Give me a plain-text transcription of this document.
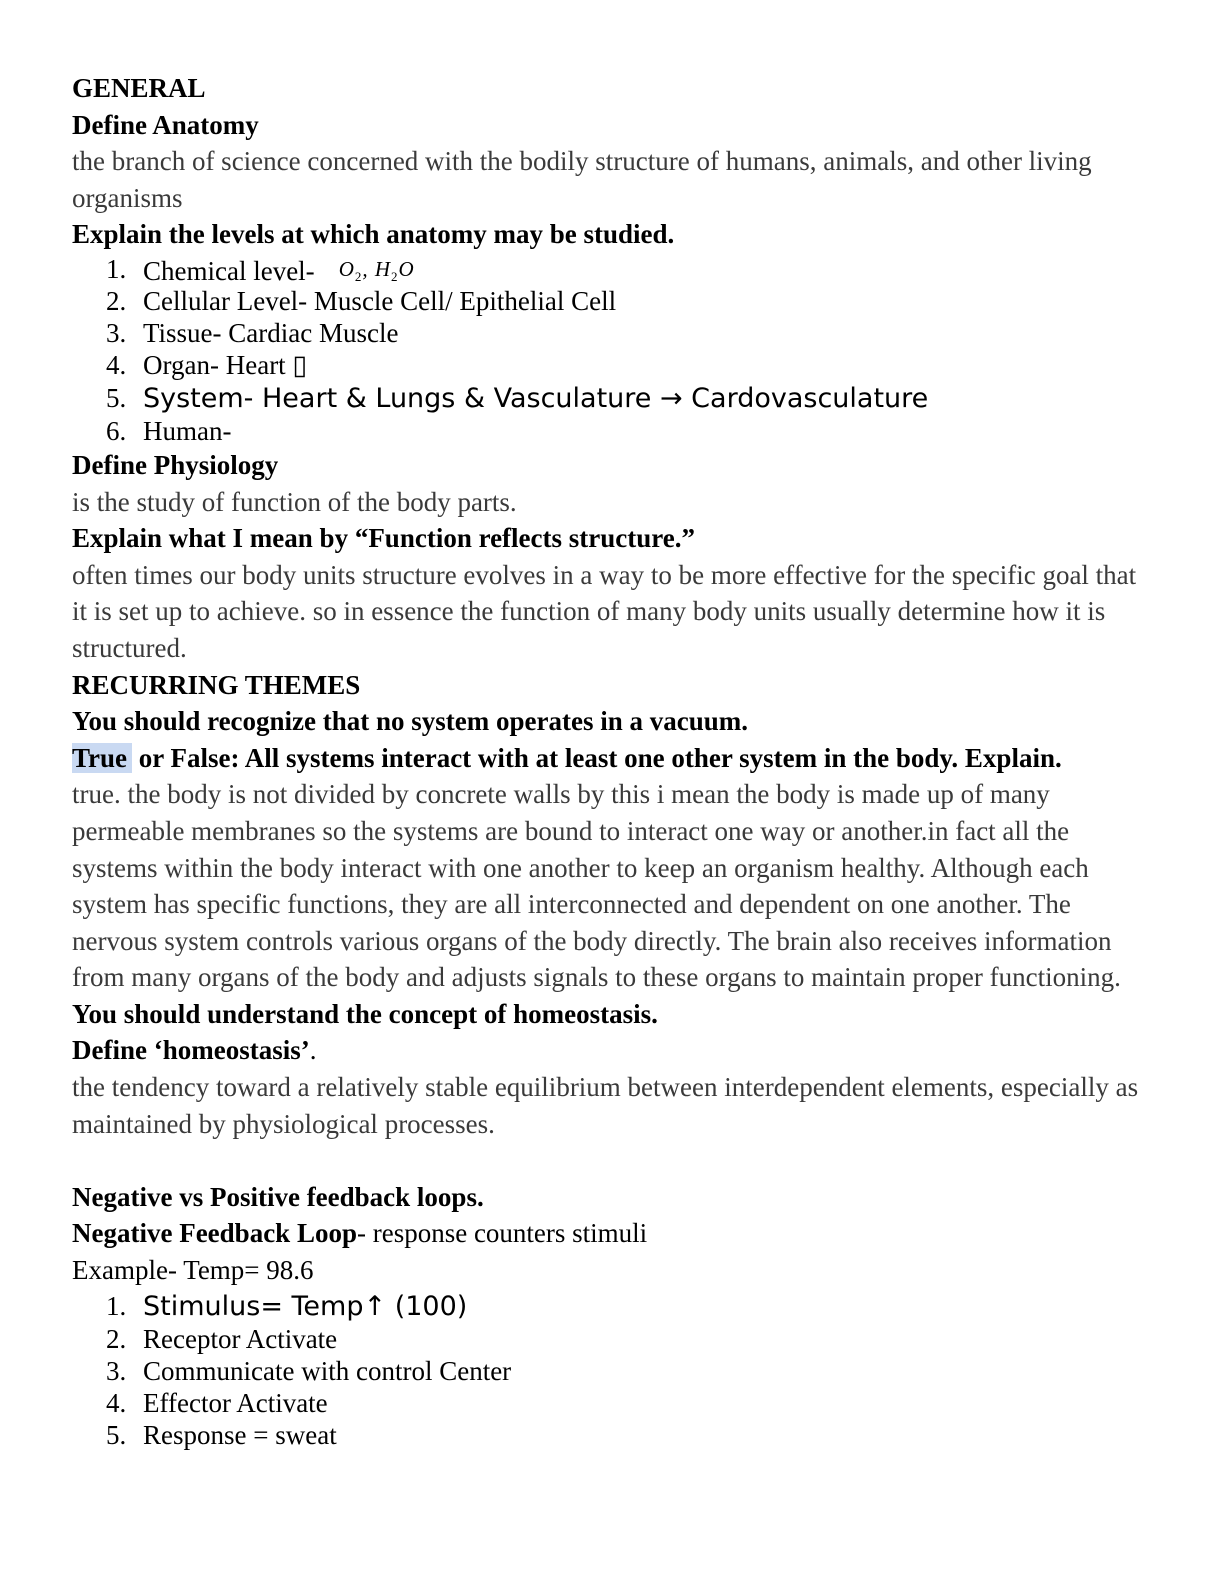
GENERAL

Define Anatomy

the branch of science concerned with the bodily structure of humans, animals, and other living organisms

Explain the levels at which anatomy may be studied.

1. Chemical level- $O_2$, $H_2O$
2. Cellular Level- Muscle Cell/ Epithelial Cell
3. Tissue- Cardiac Muscle
4. Organ- Heart ▯
5. System- Heart & Lungs & Vasculature → Cardovasculature
6. Human-

Define Physiology

is the study of function of the body parts.

Explain what I mean by “Function reflects structure.”

often times our body units structure evolves in a way to be more effective for the specific goal that it is set up to achieve. so in essence the function of many body units usually determine how it is structured.

RECURRING THEMES

You should recognize that no system operates in a vacuum.

True or False: All systems interact with at least one other system in the body. Explain.

true. the body is not divided by concrete walls by this i mean the body is made up of many permeable membranes so the systems are bound to interact one way or another.in fact all the systems within the body interact with one another to keep an organism healthy. Although each system has specific functions, they are all interconnected and dependent on one another. The nervous system controls various organs of the body directly. The brain also receives information from many organs of the body and adjusts signals to these organs to maintain proper functioning.

You should understand the concept of homeostasis.

Define ‘homeostasis’.

the tendency toward a relatively stable equilibrium between interdependent elements, especially as maintained by physiological processes.

Negative vs Positive feedback loops.

Negative Feedback Loop- response counters stimuli

Example- Temp= 98.6

1. Stimulus= Temp↑ (100)
2. Receptor Activate
3. Communicate with control Center
4. Effector Activate
5. Response = sweat
